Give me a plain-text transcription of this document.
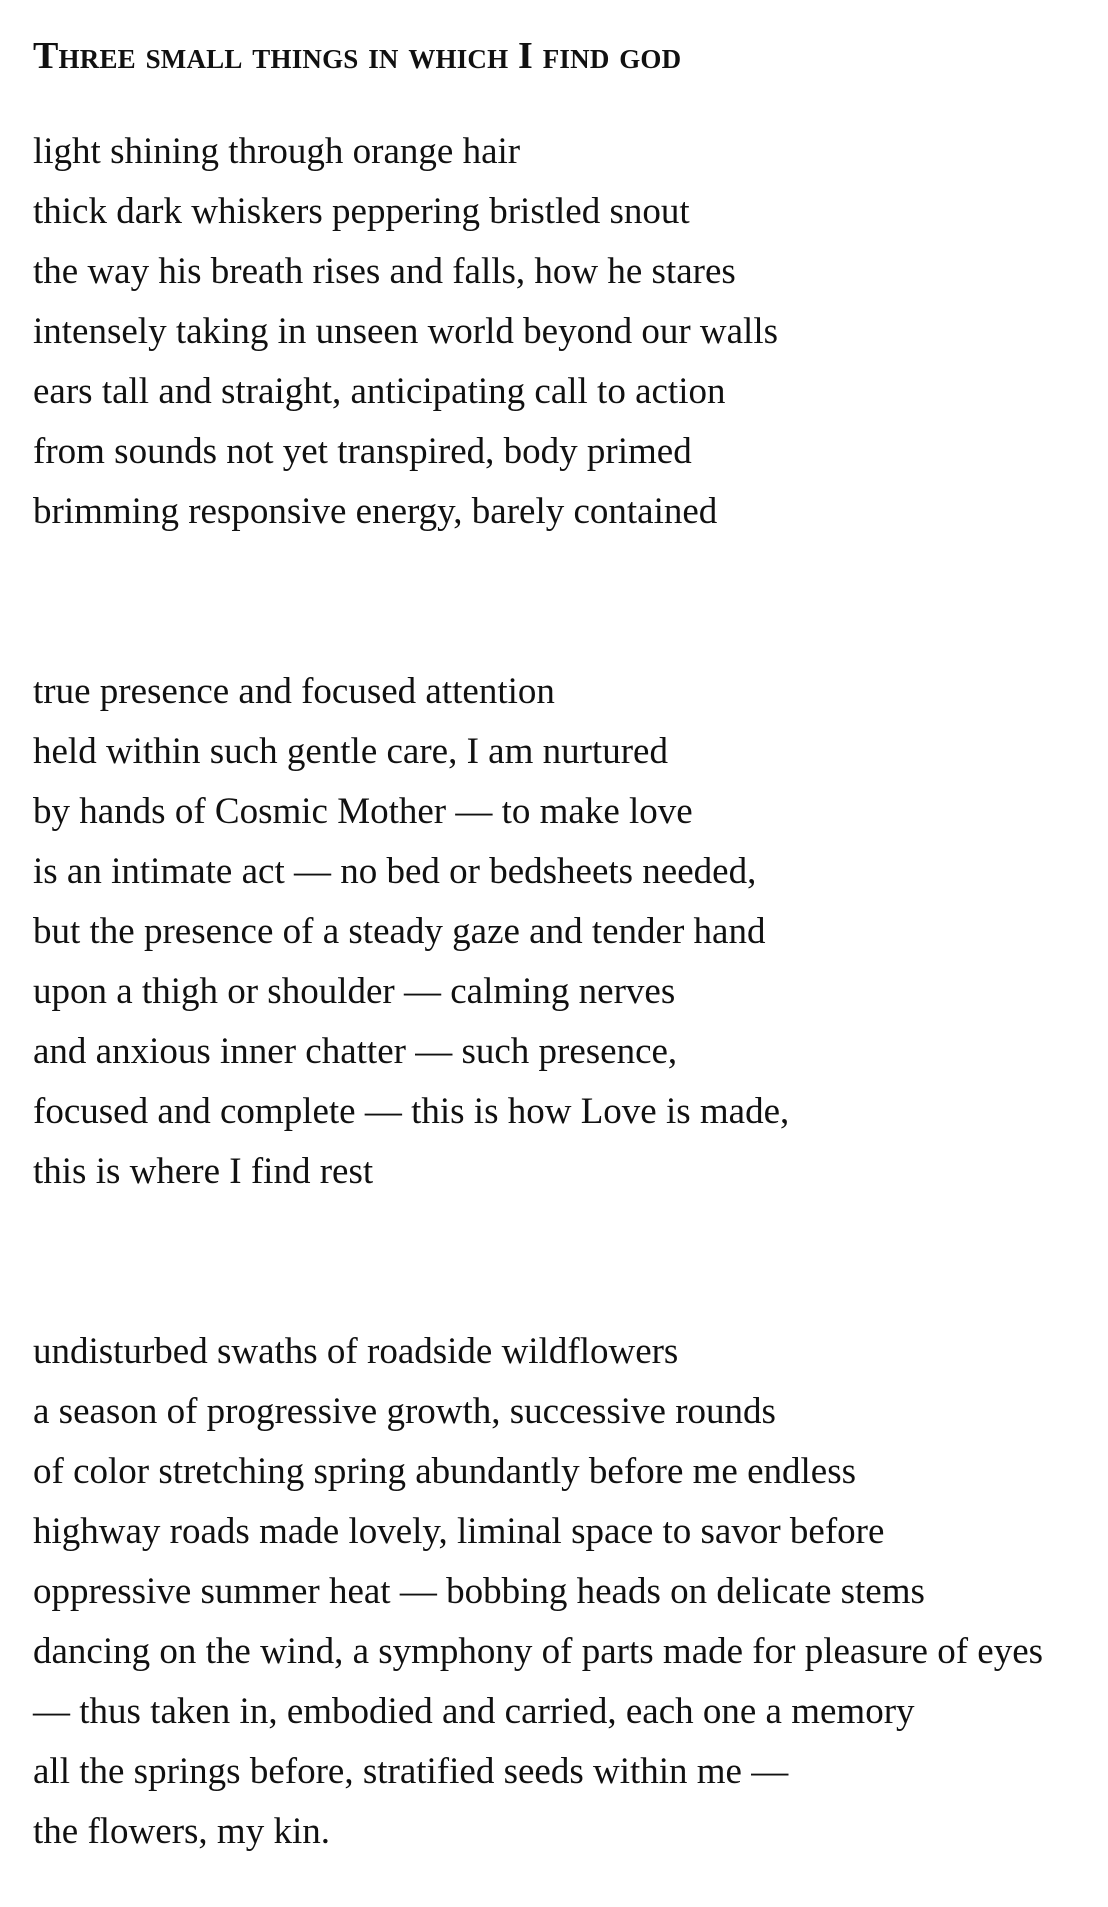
Three small things in which I find god
light shining through orange hair
thick dark whiskers peppering bristled snout
the way his breath rises and falls, how he stares
intensely taking in unseen world beyond our walls
ears tall and straight, anticipating call to action
from sounds not yet transpired, body primed
brimming responsive energy, barely contained
true presence and focused attention
held within such gentle care, I am nurtured
by hands of Cosmic Mother — to make love
is an intimate act — no bed or bedsheets needed,
but the presence of a steady gaze and tender hand
upon a thigh or shoulder — calming nerves
and anxious inner chatter — such presence,
focused and complete — this is how Love is made,
this is where I find rest
undisturbed swaths of roadside wildflowers
a season of progressive growth, successive rounds
of color stretching spring abundantly before me endless
highway roads made lovely, liminal space to savor before
oppressive summer heat — bobbing heads on delicate stems
dancing on the wind, a symphony of parts made for pleasure of eyes
— thus taken in, embodied and carried, each one a memory
all the springs before, stratified seeds within me —
the flowers, my kin.
